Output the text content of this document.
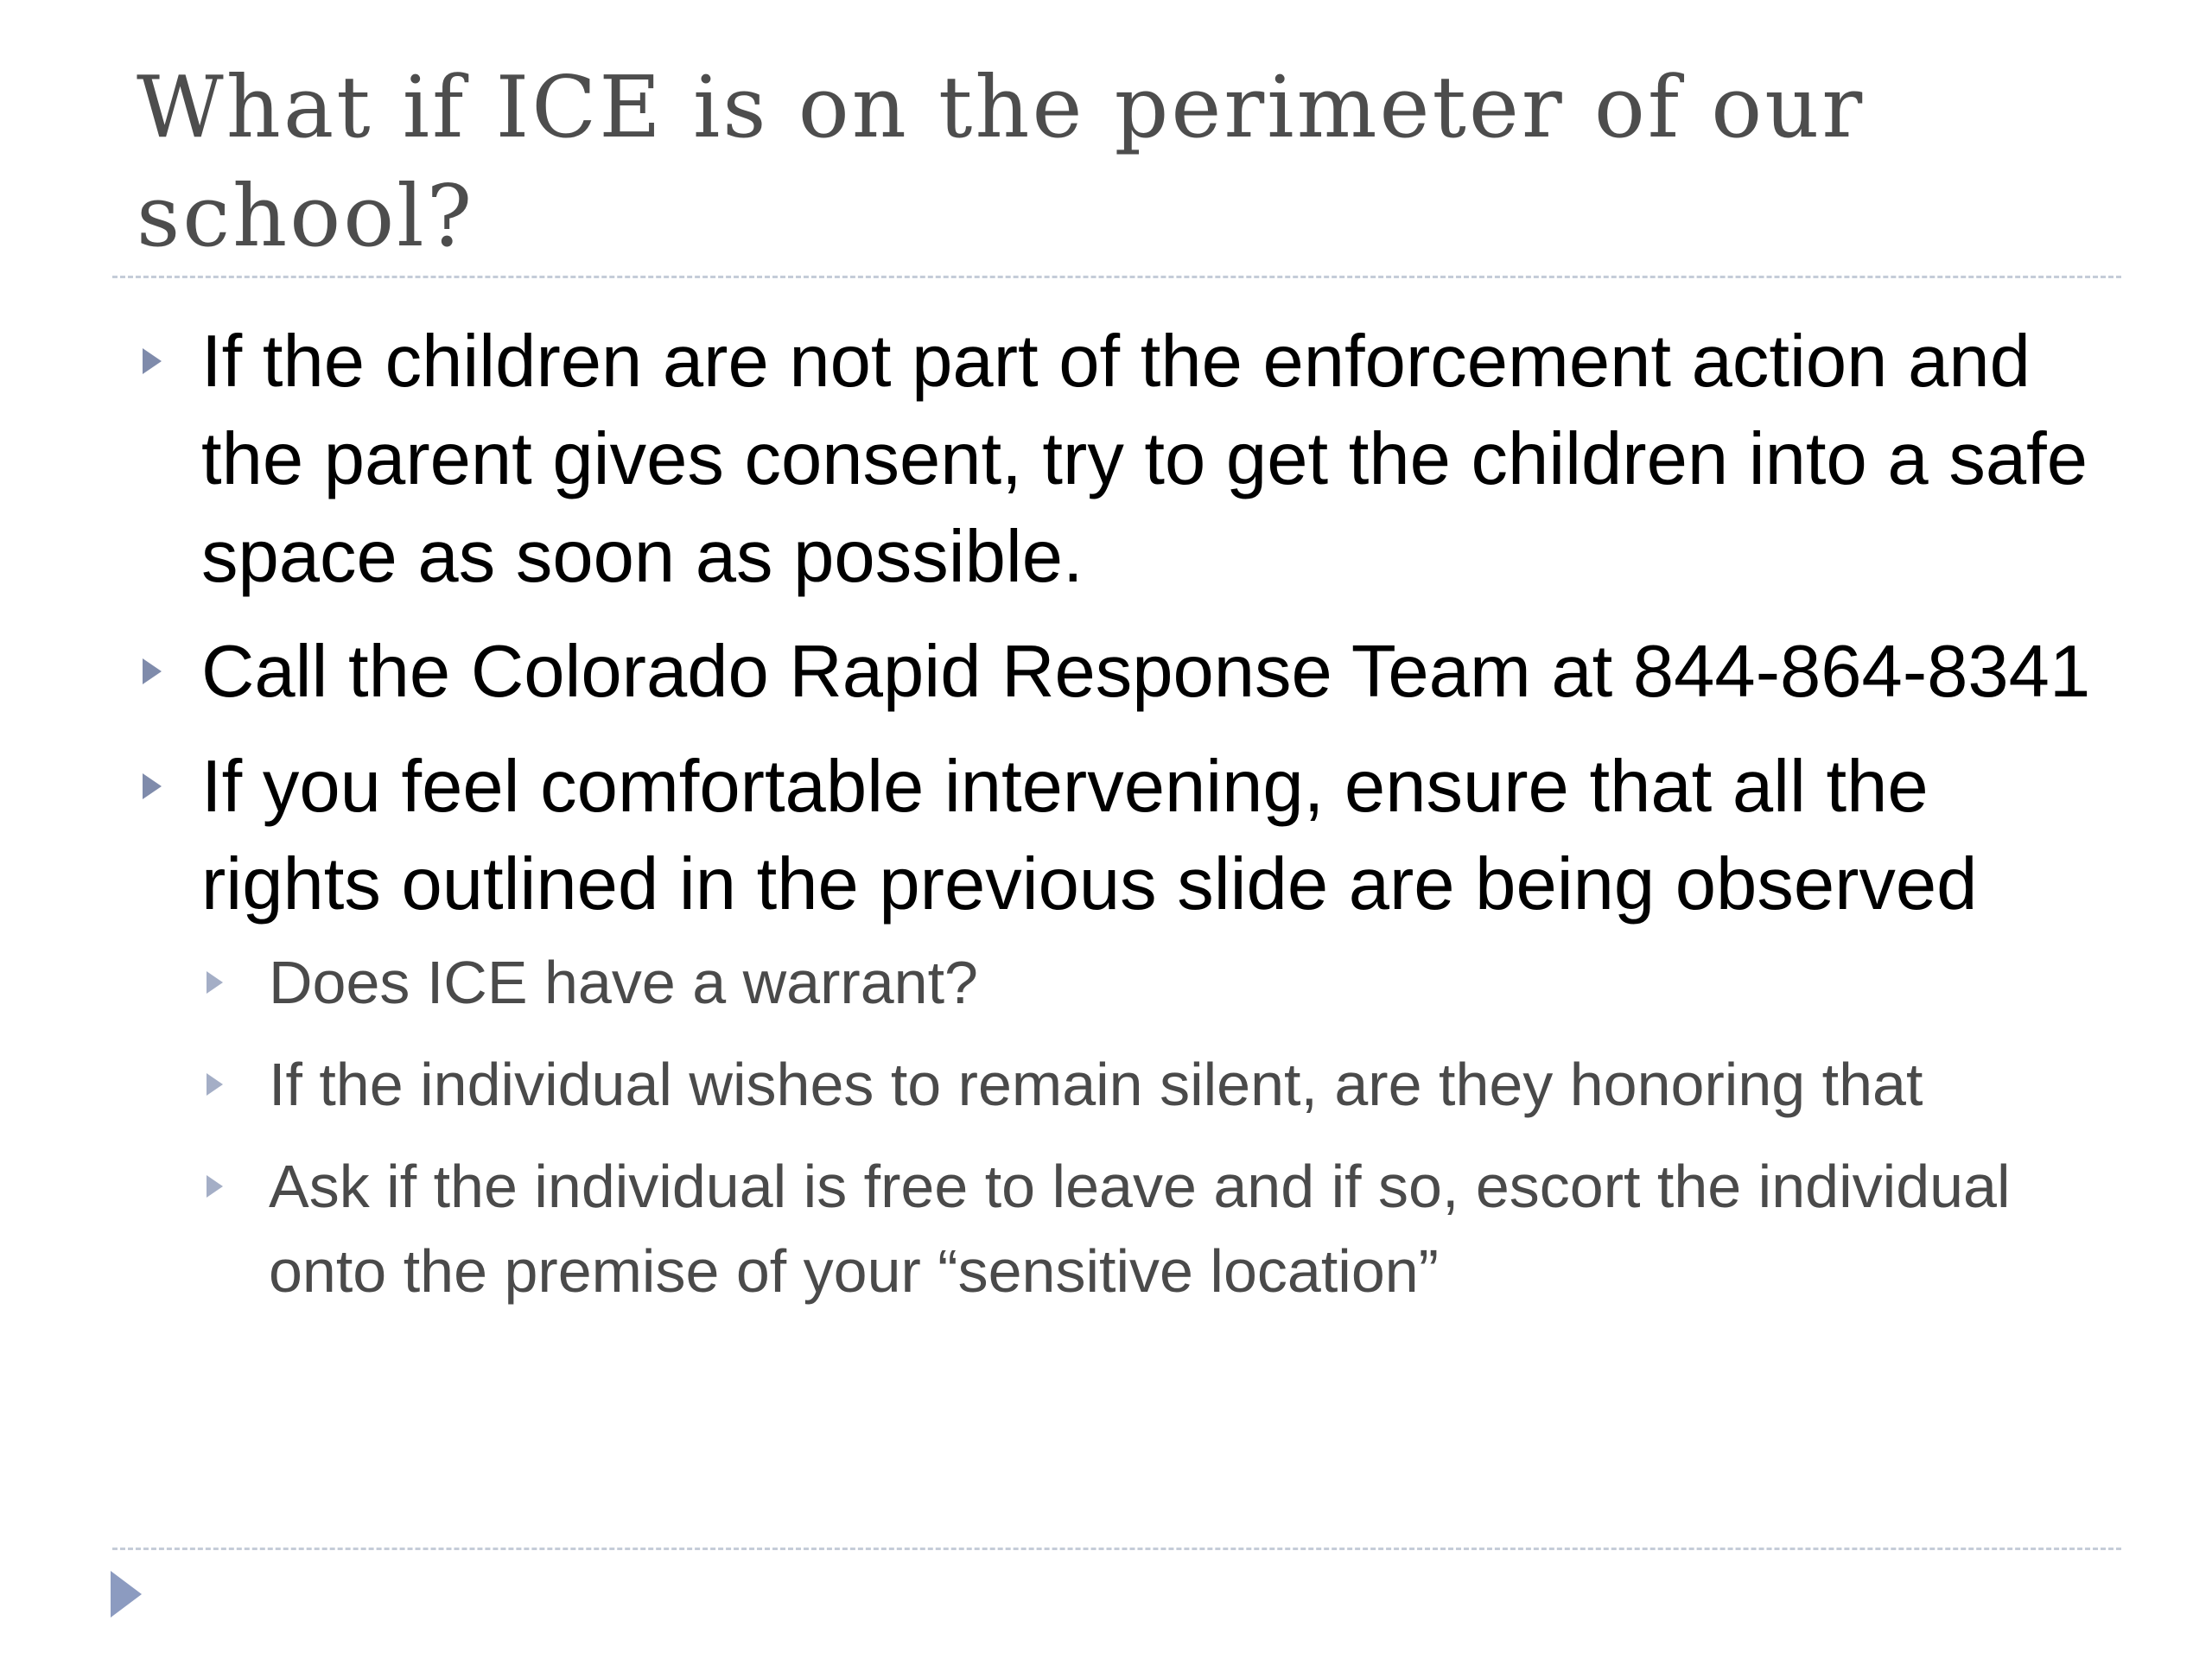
What if ICE is on the perimeter of our school?
If the children are not part of the enforcement action and the parent gives consent, try to get the children into a safe space as soon as possible.
Call the Colorado Rapid Response Team at 844-864-8341
If you feel comfortable intervening, ensure that all the rights outlined in the previous slide are being observed
Does ICE have a warrant?
If the individual wishes to remain silent, are they honoring that
Ask if the individual is free to leave and if so, escort the individual onto the premise of your “sensitive location”
